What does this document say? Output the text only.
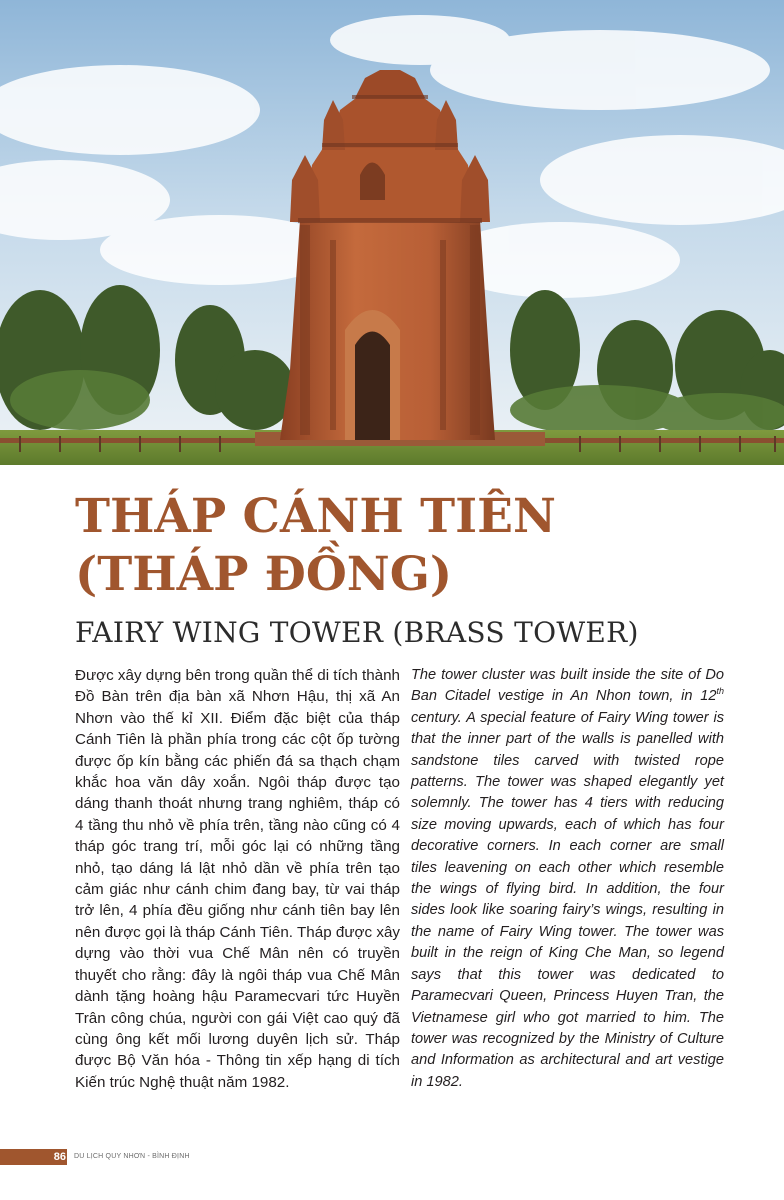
THÁP CÁNH TIÊN
(THÁP ĐỒNG)
FAIRY WING TOWER (BRASS TOWER)

Được xây dựng bên trong quần thể di tích thành Đồ Bàn trên địa bàn xã Nhơn Hậu, thị xã An Nhơn vào thế kỉ XII. Điểm đặc biệt của tháp Cánh Tiên là phần phía trong các cột ốp tường được ốp kín bằng các phiến đá sa thạch chạm khắc hoa văn dây xoắn. Ngôi tháp được tạo dáng thanh thoát nhưng trang nghiêm, tháp có 4 tầng thu nhỏ về phía trên, tầng nào cũng có 4 tháp góc trang trí, mỗi góc lại có những tầng nhỏ, tạo dáng lá lật nhỏ dần về phía trên tạo cảm giác như cánh chim đang bay, từ vai tháp trở lên, 4 phía đều giống như cánh tiên bay lên nên được gọi là tháp Cánh Tiên. Tháp được xây dựng vào thời vua Chế Mân nên có truyền thuyết cho rằng: đây là ngôi tháp vua Chế Mân dành tặng hoàng hậu Paramecvari tức Huyền Trân công chúa, người con gái Việt cao quý đã cùng ông kết mối lương duyên lịch sử. Tháp được Bộ Văn hóa - Thông tin xếp hạng di tích Kiến trúc Nghệ thuật năm 1982.

The tower cluster was built inside the site of Do Ban Citadel vestige in An Nhon town, in 12th century. A special feature of Fairy Wing tower is that the inner part of the walls is panelled with sandstone tiles carved with twisted rope patterns. The tower was shaped elegantly yet solemnly. The tower has 4 tiers with reducing size moving upwards, each of which has four decorative corners. In each corner are small tiles leavening on each other which resemble the wings of flying bird. In addition, the four sides look like soaring fairy’s wings, resulting in the name of Fairy Wing tower. The tower was built in the reign of King Che Man, so legend says that this tower was dedicated to Paramecvari Queen, Princess Huyen Tran, the Vietnamese girl who got married to him. The tower was recognized by the Ministry of Culture and Information as architectural and art vestige in 1982.

86 DU LỊCH QUY NHƠN - BÌNH ĐỊNH
